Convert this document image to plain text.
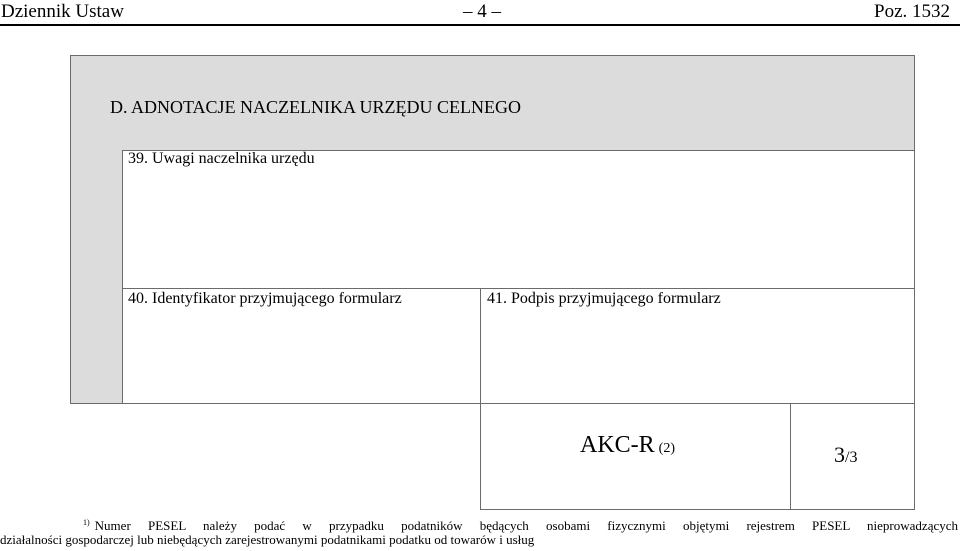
Dziennik Ustaw	– 4 –	Poz. 1532
D. ADNOTACJE NACZELNIKA URZĘDU CELNEGO
39. Uwagi naczelnika urzędu
40. Identyfikator przyjmującego formularz	41. Podpis przyjmującego formularz
AKC-R (2)	3/3
$^{1)}$ Numer PESEL należy podać w przypadku podatników będących osobami fizycznymi objętymi rejestrem PESEL nieprowadzących
działalności gospodarczej lub niebędących zarejestrowanymi podatnikami podatku od towarów i usług
